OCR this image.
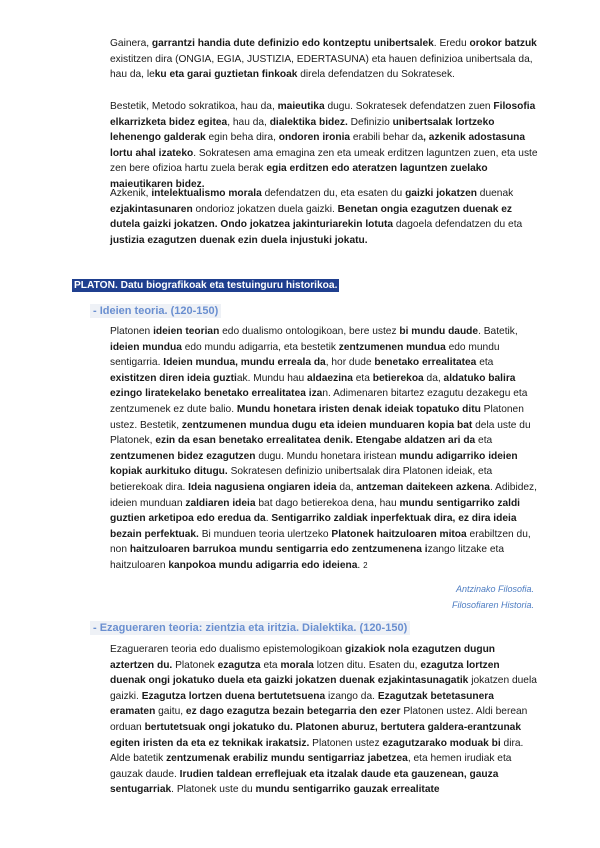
Gainera, garrantzi handia dute definizio edo kontzeptu unibertsalek. Eredu orokor batzuk existitzen dira (ONGIA, EGIA, JUSTIZIA, EDERTASUNA) eta hauen definizioa unibertsala da, hau da, leku eta garai guztietan finkoak direla defendatzen du Sokratesek.

Bestetik, Metodo sokratikoa, hau da, maieutika dugu. Sokratesek defendatzen zuen Filosofia elkarrizketa bidez egitea, hau da, dialektika bidez. Definizio unibertsalak lortzeko lehenengo galderak egin beha dira, ondoren ironia erabili behar da, azkenik adostasuna lortu ahal izateko. Sokratesen ama emagina zen eta umeak erditzen laguntzen zuen, eta uste zen bere ofizioa hartu zuela berak egia erditzen edo ateratzen laguntzen zuelako maieutikaren bidez.

Azkenik, intelektualismo morala defendatzen du, eta esaten du gaizki jokatzen duenak ezjakintasunaren ondorioz jokatzen duela gaizki. Benetan ongia ezagutzen duenak ez dutela gaizki jokatzen. Ondo jokatzea jakinturiarekin lotuta dagoela defendatzen du eta justizia ezagutzen duenak ezin duela injustuki jokatu.

PLATON. Datu biografikoak eta testuinguru historikoa.
- Ideien teoria. (120-150)

Platonen ideien teorian edo dualismo ontologikoan, bere ustez bi mundu daude. Batetik, ideien mundua edo mundu adigarria, eta bestetik zentzumenen mundua edo mundu sentigarria. Ideien mundua, mundu erreala da, hor dude benetako errealitatea eta existitzen diren ideia guztiak. Mundu hau aldaezina eta betierekoa da, aldatuko balira ezingo liratekelako benetako errealitatea izan. Adimenaren bitartez ezagutu dezakegu eta zentzumenek ez dute balio. Mundu honetara iristen denak ideiak topatuko ditu Platonen ustez. Bestetik, zentzumenen mundua dugu eta ideien munduaren kopia bat dela uste du Platonek, ezin da esan benetako errealitatea denik. Etengabe aldatzen ari da eta zentzumenen bidez ezagutzen dugu. Mundu honetara iristean mundu adigarriko ideien kopiak aurkituko ditugu. Sokratesen definizio unibertsalak dira Platonen ideiak, eta betierekoak dira. Ideia nagusiena ongiaren ideia da, antzeman daitekeen azkena. Adibidez, ideien munduan zaldiaren ideia bat dago betierekoa dena, hau mundu sentigarriko zaldi guztien arketipoa edo eredua da. Sentigarriko zaldiak inperfektuak dira, ez dira ideia bezain perfektuak. Bi munduen teoria ulertzeko Platonek haitzuloaren mitoa erabiltzen du, non haitzuloaren barrukoa mundu sentigarria edo zentzumenena izango litzake eta haitzuloaren kanpokoa mundu adigarria edo ideiena. 2

Antzinako Filosofia.
Filosofiaren Historia.
- Ezagueraren teoria: zientzia eta iritzia. Dialektika. (120-150)

Ezagueraren teoria edo dualismo epistemologikoan gizakiok nola ezagutzen dugun aztertzen du. Platonek ezagutza eta morala lotzen ditu. Esaten du, ezagutza lortzen duenak ongi jokatuko duela eta gaizki jokatzen duenak ezjakintasunagatik jokatzen duela gaizki. Ezagutza lortzen duena bertutetsuena izango da. Ezagutzak betetasunera eramaten gaitu, ez dago ezagutza bezain betegarria den ezer Platonen ustez. Aldi berean orduan bertutetsuak ongi jokatuko du. Platonen aburuz, bertutera galdera-erantzunak egiten iristen da eta ez teknikak irakatsiz. Platonen ustez ezagutzarako moduak bi dira. Alde batetik zentzumenak erabiliz mundu sentigarriaz jabetzea, eta hemen irudiak eta gauzak daude. Irudien taldean erreflejuak eta itzalak daude eta gauzenean, gauza sentugarriak. Platonek uste du mundu sentigarriko gauzak errealitate
